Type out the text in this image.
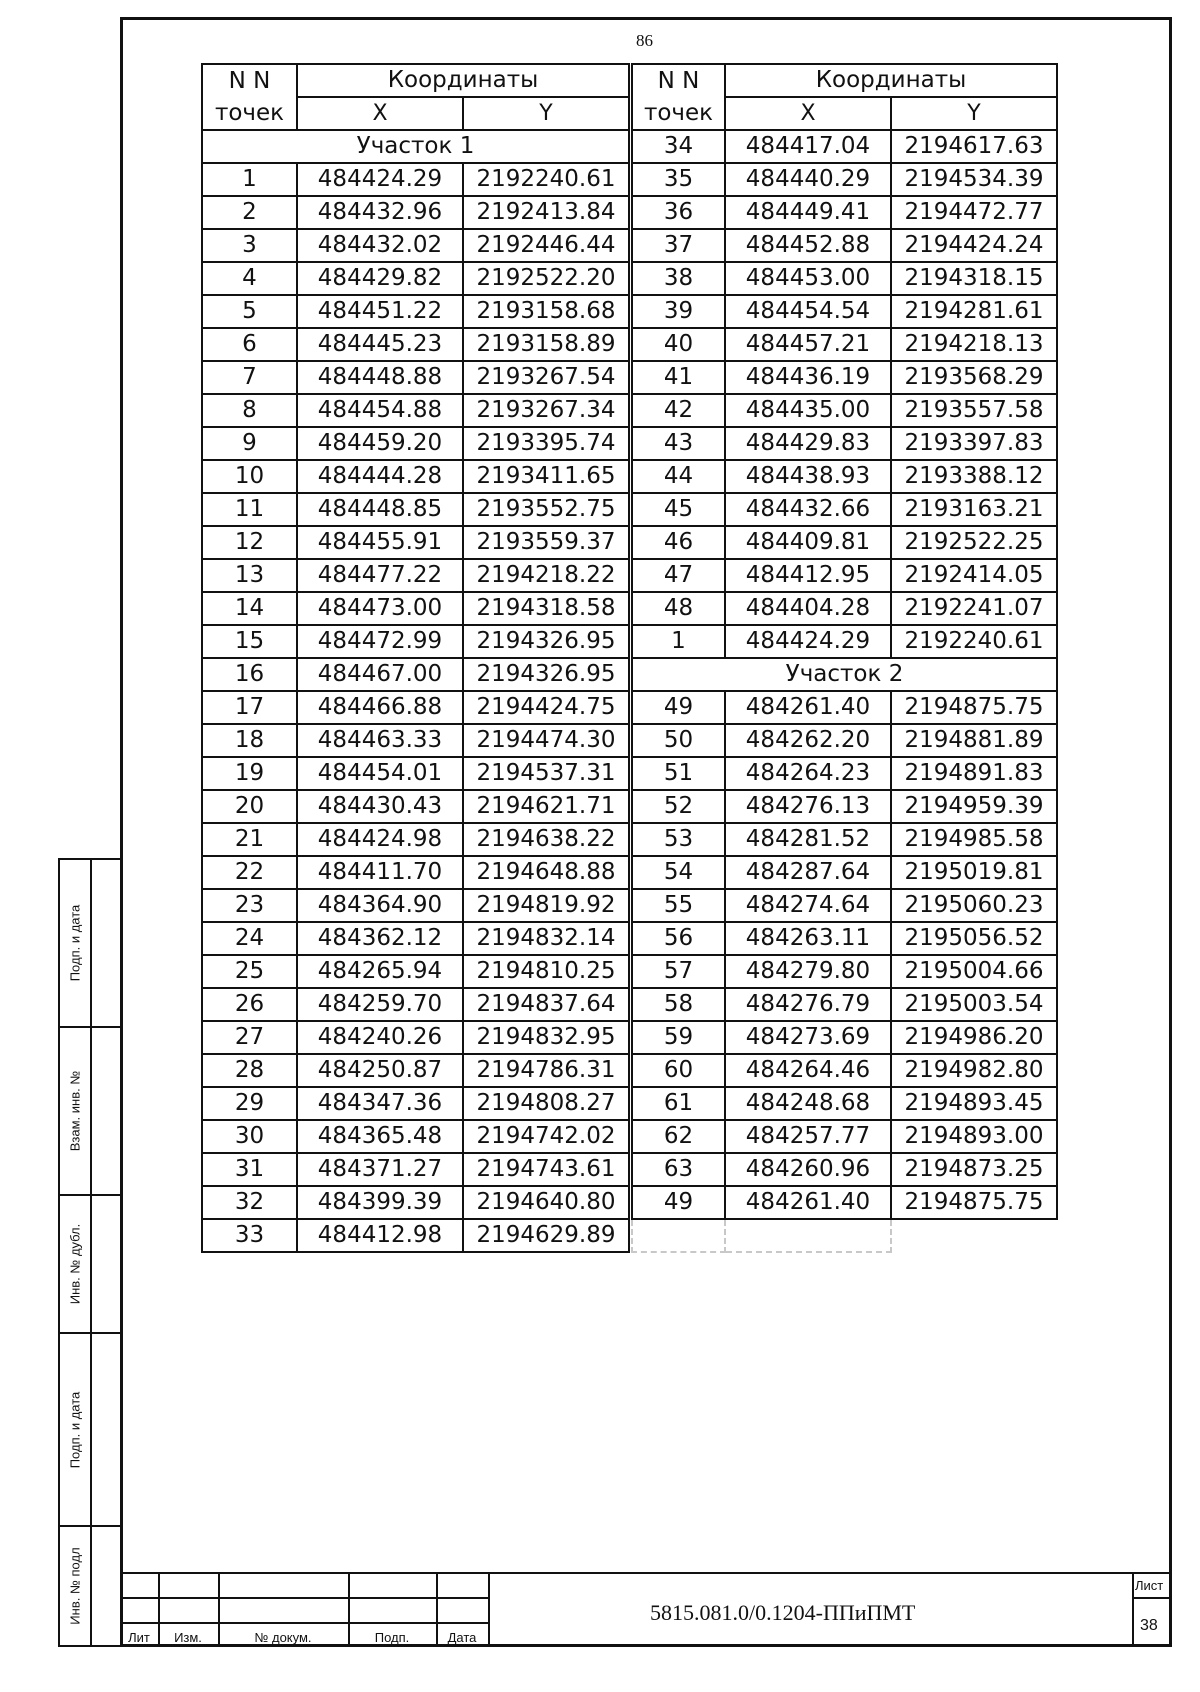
86
N N	Координаты	
точек	X	Y
Участок 1		
1	484424.29	2192240.61
2	484432.96	2192413.84
3	484432.02	2192446.44
4	484429.82	2192522.20
5	484451.22	2193158.68
6	484445.23	2193158.89
7	484448.88	2193267.54
8	484454.88	2193267.34
9	484459.20	2193395.74
10	484444.28	2193411.65
11	484448.85	2193552.75
12	484455.91	2193559.37
13	484477.22	2194218.22
14	484473.00	2194318.58
15	484472.99	2194326.95
16	484467.00	2194326.95
17	484466.88	2194424.75
18	484463.33	2194474.30
19	484454.01	2194537.31
20	484430.43	2194621.71
21	484424.98	2194638.22
22	484411.70	2194648.88
23	484364.90	2194819.92
24	484362.12	2194832.14
25	484265.94	2194810.25
26	484259.70	2194837.64
27	484240.26	2194832.95
28	484250.87	2194786.31
29	484347.36	2194808.27
30	484365.48	2194742.02
31	484371.27	2194743.61
32	484399.39	2194640.80
33	484412.98	2194629.89
N N	Координаты	
точек	X	Y
34	484417.04	2194617.63
35	484440.29	2194534.39
36	484449.41	2194472.77
37	484452.88	2194424.24
38	484453.00	2194318.15
39	484454.54	2194281.61
40	484457.21	2194218.13
41	484436.19	2193568.29
42	484435.00	2193557.58
43	484429.83	2193397.83
44	484438.93	2193388.12
45	484432.66	2193163.21
46	484409.81	2192522.25
47	484412.95	2192414.05
48	484404.28	2192241.07
1	484424.29	2192240.61
Участок 2		
49	484261.40	2194875.75
50	484262.20	2194881.89
51	484264.23	2194891.83
52	484276.13	2194959.39
53	484281.52	2194985.58
54	484287.64	2195019.81
55	484274.64	2195060.23
56	484263.11	2195056.52
57	484279.80	2195004.66
58	484276.79	2195003.54
59	484273.69	2194986.20
60	484264.46	2194982.80
61	484248.68	2194893.45
62	484257.77	2194893.00
63	484260.96	2194873.25
49	484261.40	2194875.75

Подп. и дата
Взам. инв. №
Инв. № дубл.
Подп. и дата
Инв. № подл
Лит	Изм.	№ докум.	Подп.	Дата
5815.081.0/0.1204-ППиПМТ
Лист
38
